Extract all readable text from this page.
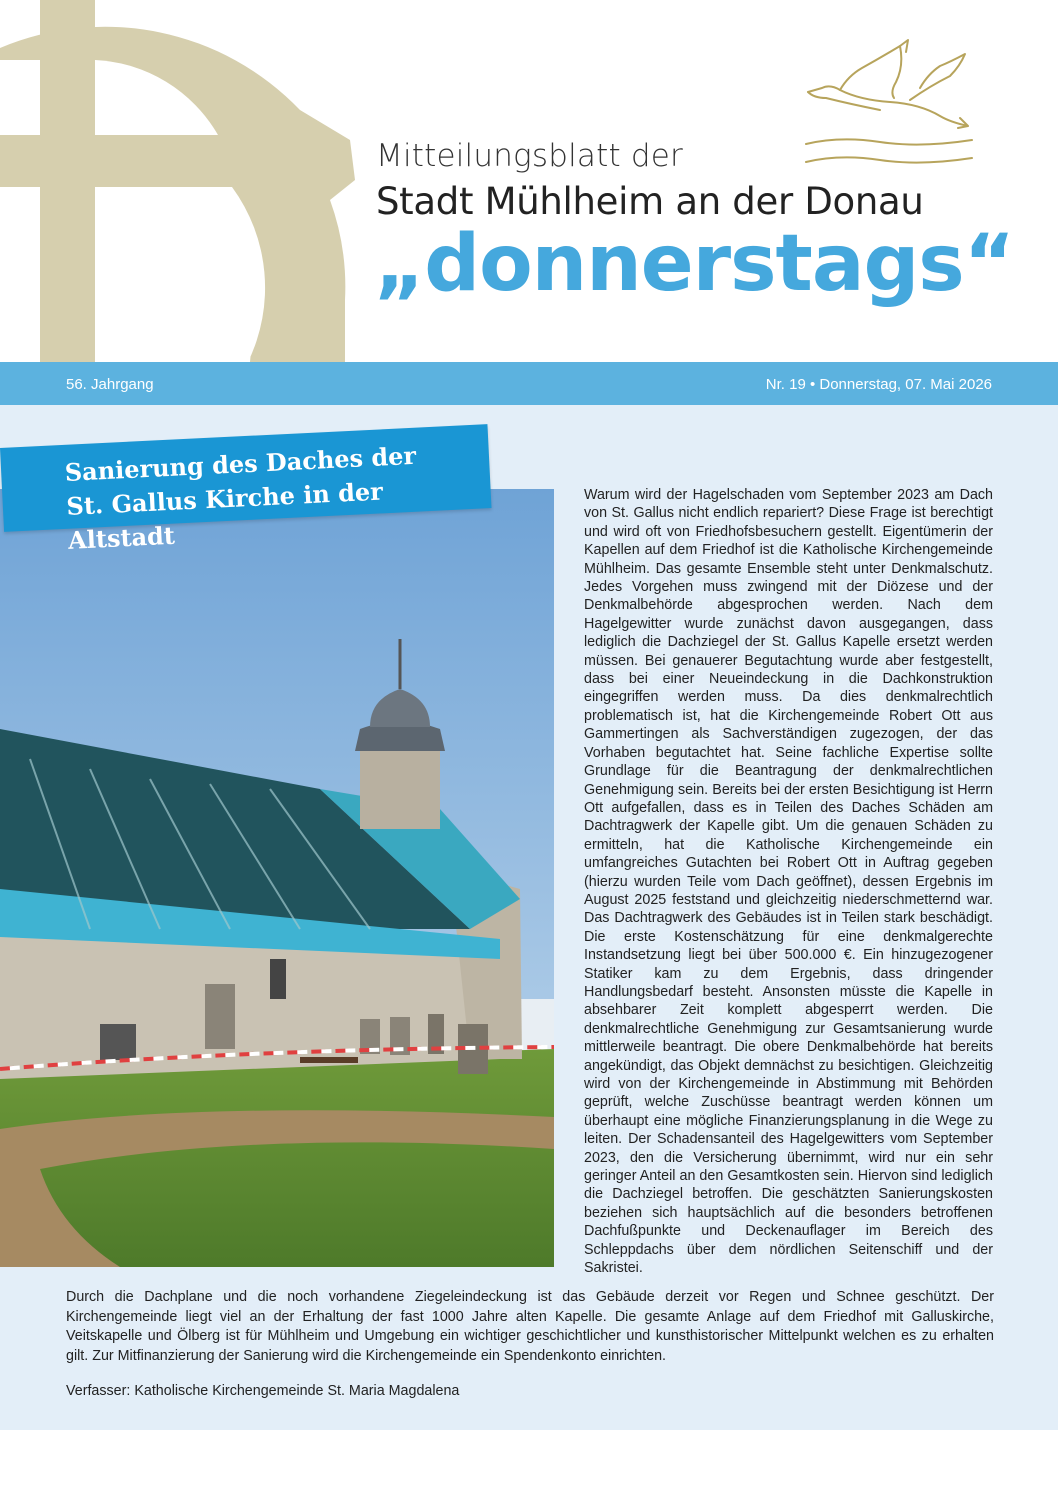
Mitteilungsblatt der
Stadt Mühlheim an der Donau
„donnerstags“
56. Jahrgang	Nr. 19 • Donnerstag, 07. Mai 2026
Sanierung des Daches der
St. Gallus Kirche in der Altstadt

Warum wird der Hagelschaden vom September 2023 am Dach von St. Gallus nicht endlich repariert? Diese Frage ist berechtigt und wird oft von Friedhofsbesuchern gestellt. Eigentümerin der Kapellen auf dem Friedhof ist die Katholische Kirchengemeinde Mühlheim. Das gesamte Ensemble steht unter Denkmalschutz. Jedes Vorgehen muss zwingend mit der Diözese und der Denkmalbehörde abgesprochen werden. Nach dem Hagelgewitter wurde zunächst davon ausgegangen, dass lediglich die Dachziegel der St. Gallus Kapelle ersetzt werden müssen. Bei genauerer Begutachtung wurde aber festgestellt, dass bei einer Neueindeckung in die Dachkonstruktion eingegriffen werden muss. Da dies denkmalrechtlich problematisch ist, hat die Kirchengemeinde Robert Ott aus Gammertingen als Sachverständigen zugezogen, der das Vorhaben begutachtet hat. Seine fachliche Expertise sollte Grundlage für die Beantragung der denkmalrechtlichen Genehmigung sein. Bereits bei der ersten Besichtigung ist Herrn Ott aufgefallen, dass es in Teilen des Daches Schäden am Dachtragwerk der Kapelle gibt. Um die genauen Schäden zu ermitteln, hat die Katholische Kirchengemeinde ein umfangreiches Gutachten bei Robert Ott in Auftrag gegeben (hierzu wurden Teile vom Dach geöffnet), dessen Ergebnis im August 2025 feststand und gleichzeitig niederschmetternd war. Das Dachtragwerk des Gebäudes ist in Teilen stark beschädigt. Die erste Kostenschätzung für eine denkmalgerechte Instandsetzung liegt bei über 500.000 €. Ein hinzugezogener Statiker kam zu dem Ergebnis, dass dringender Handlungsbedarf besteht. Ansonsten müsste die Kapelle in absehbarer Zeit komplett abgesperrt werden. Die denkmalrechtliche Genehmigung zur Gesamtsanierung wurde mittlerweile beantragt. Die obere Denkmalbehörde hat bereits angekündigt, das Objekt demnächst zu besichtigen. Gleichzeitig wird von der Kirchengemeinde in Abstimmung mit Behörden geprüft, welche Zuschüsse beantragt werden können um überhaupt eine mögliche Finanzierungsplanung in die Wege zu leiten. Der Schadensanteil des Hagelgewitters vom September 2023, den die Versicherung übernimmt, wird nur ein sehr geringer Anteil an den Gesamtkosten sein. Hiervon sind lediglich die Dachziegel betroffen. Die geschätzten Sanierungskosten beziehen sich hauptsächlich auf die besonders betroffenen Dachfußpunkte und Deckenauflager im Bereich des Schleppdachs über dem nördlichen Seitenschiff und der Sakristei.

Durch die Dachplane und die noch vorhandene Ziegeleindeckung ist das Gebäude derzeit vor Regen und Schnee geschützt. Der Kirchengemeinde liegt viel an der Erhaltung der fast 1000 Jahre alten Kapelle. Die gesamte Anlage auf dem Friedhof mit Galluskirche, Veitskapelle und Ölberg ist für Mühlheim und Umgebung ein wichtiger geschichtlicher und kunsthistorischer Mittelpunkt welchen es zu erhalten gilt. Zur Mitfinanzierung der Sanierung wird die Kirchengemeinde ein Spendenkonto einrichten.

Verfasser: Katholische Kirchengemeinde St. Maria Magdalena
